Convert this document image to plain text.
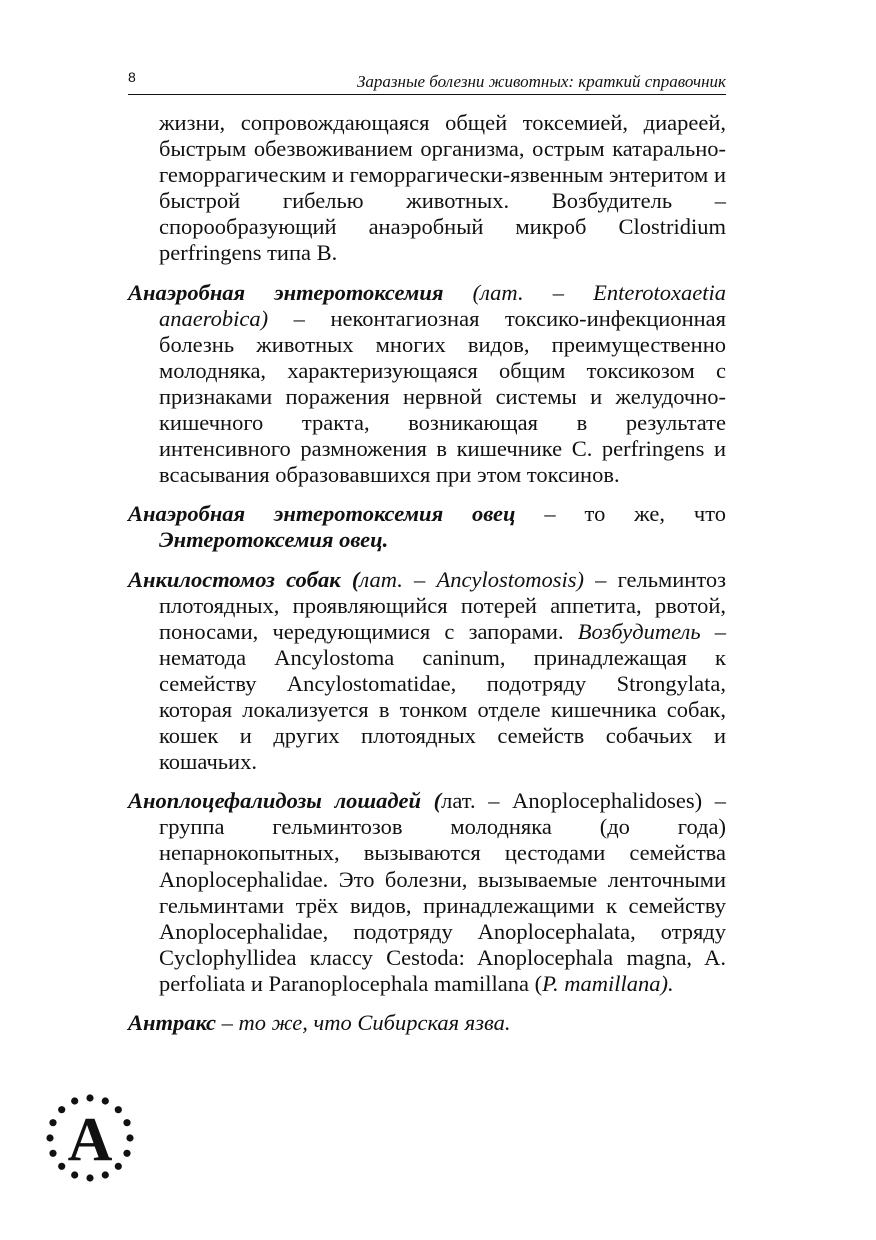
8	Заразные болезни животных: краткий справочник

жизни, сопровождающаяся общей токсемией, диареей, быстрым обезвоживанием организма, острым катарально-геморрагическим и геморрагически-язвенным энтеритом и быстрой гибелью животных. Возбудитель – спорообразующий анаэробный микроб Clostridium perfringens типа B.

Анаэробная энтеротоксемия (лат. – Enterotoxaetia anaerobica) – неконтагиозная токсико-инфекционная болезнь животных многих видов, преимущественно молодняка, характеризующаяся общим токсикозом с признаками поражения нервной системы и желудочно-кишечного тракта, возникающая в результате интенсивного размножения в кишечнике C. perfringens и всасывания образовавшихся при этом токсинов.

Анаэробная энтеротоксемия овец – то же, что Энтеротоксемия овец.

Анкилостомоз собак (лат. – Ancylostomosis) – гельминтоз плотоядных, проявляющийся потерей аппетита, рвотой, поносами, чередующимися с запорами. Возбудитель – нематода Ancylostoma caninum, принадлежащая к семейству Ancylostomatidae, подотряду Strongylata, которая локализуется в тонком отделе кишечника собак, кошек и других плотоядных семейств собачьих и кошачьих.

Аноплоцефалидозы лошадей (лат. – Anoplocephalidoses) – группа гельминтозов молодняка (до года) непарнокопытных, вызываются цестодами семейства Anoplocephalidae. Это болезни, вызываемые ленточными гельминтами трёх видов, принадлежащими к семейству Anoplocephalidae, подотряду Anoplocephalata, отряду Cyclophyllidea классу Cestoda: Anoplocephala magna, A. perfoliata и Paranoplocephala mamillana (P. mamillana).

Антракс – то же, что Сибирская язва.

А
